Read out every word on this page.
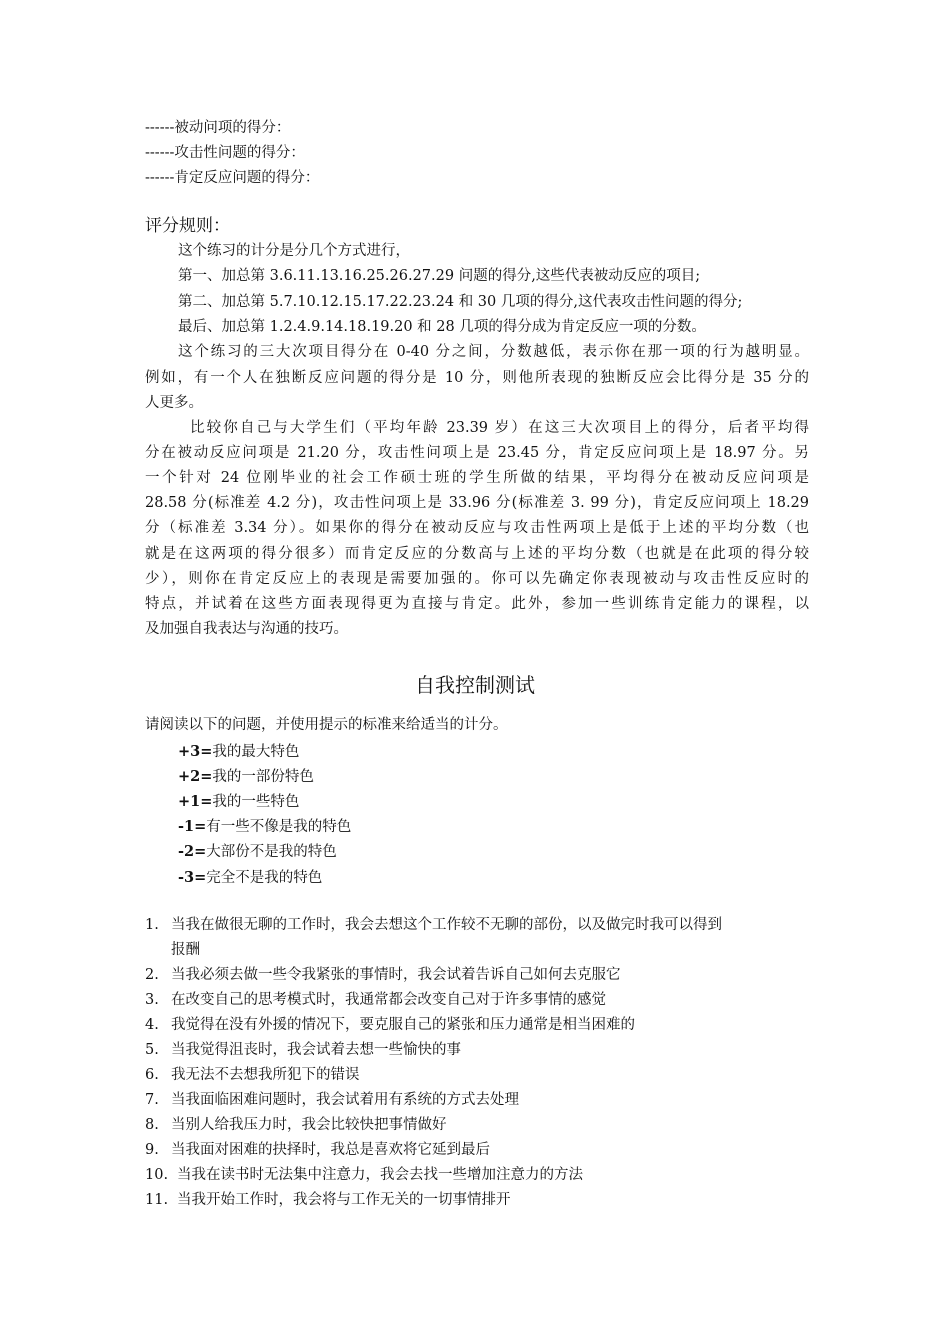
------被动问项的得分：
------攻击性问题的得分：
------肯定反应问题的得分：
评分规则：
这个练习的计分是分几个方式进行，
第一、加总第 3.6.11.13.16.25.26.27.29 问题的得分,这些代表被动反应的项目;
第二、加总第 5.7.10.12.15.17.22.23.24 和 30 几项的得分,这代表攻击性问题的得分;
最后、加总第 1.2.4.9.14.18.19.20 和 28 几项的得分成为肯定反应一项的分数。
这个练习的三大次项目得分在 0-40 分之间，分数越低，表示你在那一项的行为越明显。
例如，有一个人在独断反应问题的得分是 10 分，则他所表现的独断反应会比得分是 35 分的
人更多。
比较你自己与大学生们（平均年龄 23.39 岁）在这三大次项目上的得分，后者平均得
分在被动反应问项是 21.20 分，攻击性问项上是 23.45 分，肯定反应问项上是 18.97 分。另
一个针对 24 位刚毕业的社会工作硕士班的学生所做的结果，平均得分在被动反应问项是
28.58 分(标准差 4.2 分)，攻击性问项上是 33.96 分(标准差 3. 99 分)，肯定反应问项上 18.29
分（标准差 3.34 分）。如果你的得分在被动反应与攻击性两项上是低于上述的平均分数（也
就是在这两项的得分很多）而肯定反应的分数高与上述的平均分数（也就是在此项的得分较
少），则你在肯定反应上的表现是需要加强的。你可以先确定你表现被动与攻击性反应时的
特点，并试着在这些方面表现得更为直接与肯定。此外，参加一些训练肯定能力的课程，以
及加强自我表达与沟通的技巧。
自我控制测试
请阅读以下的问题，并使用提示的标准来给适当的计分。
+3=我的最大特色
+2=我的一部份特色
+1=我的一些特色
-1=有一些不像是我的特色
-2=大部份不是我的特色
-3=完全不是我的特色
1. 当我在做很无聊的工作时，我会去想这个工作较不无聊的部份，以及做完时我可以得到
报酬
2. 当我必须去做一些令我紧张的事情时，我会试着告诉自己如何去克服它
3. 在改变自己的思考模式时，我通常都会改变自己对于许多事情的感觉
4. 我觉得在没有外援的情况下，要克服自己的紧张和压力通常是相当困难的
5. 当我觉得沮丧时，我会试着去想一些愉快的事
6. 我无法不去想我所犯下的错误
7. 当我面临困难问题时，我会试着用有系统的方式去处理
8. 当别人给我压力时，我会比较快把事情做好
9. 当我面对困难的抉择时，我总是喜欢将它延到最后
10. 当我在读书时无法集中注意力，我会去找一些增加注意力的方法
11. 当我开始工作时，我会将与工作无关的一切事情排开
